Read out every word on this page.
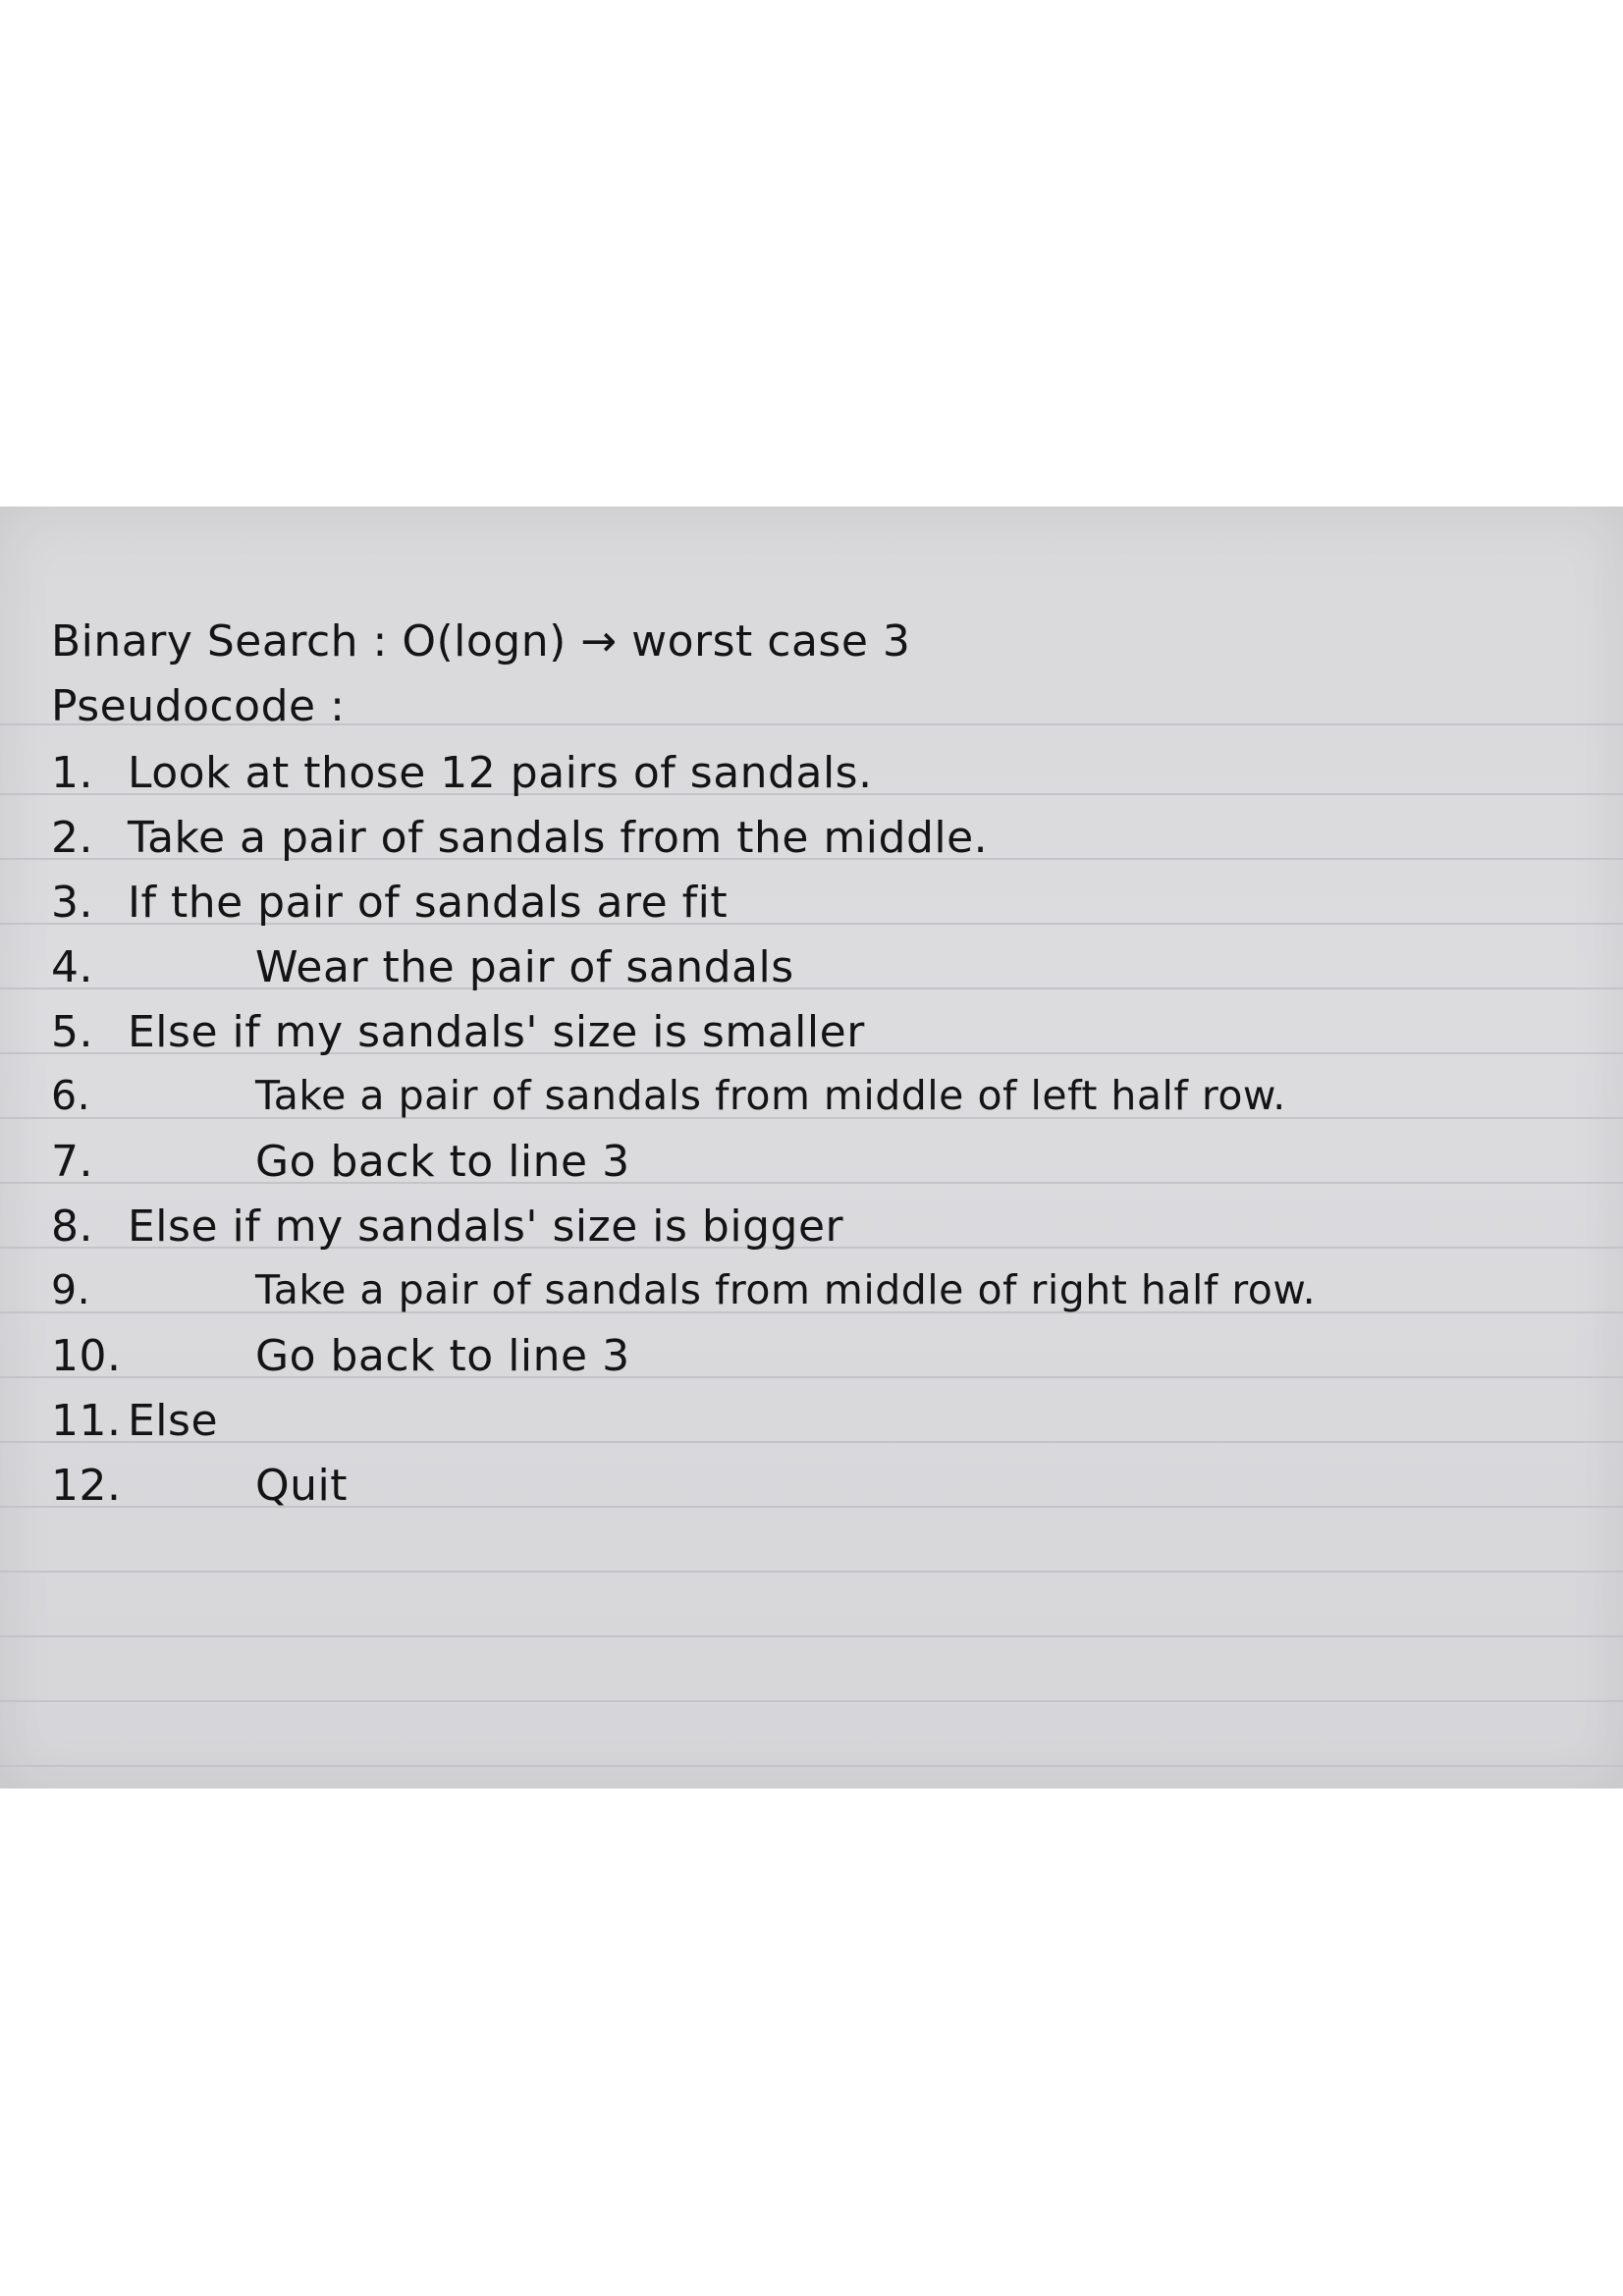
Binary Search : O(logn) → worst case 3
Pseudocode :
1. Look at those 12 pairs of sandals.
2. Take a pair of sandals from the middle.
3. If the pair of sandals are fit
4.	Wear the pair of sandals
5. Else if my sandals' size is smaller
6.	Take a pair of sandals from middle of left half row.
7.	Go back to line 3
8. Else if my sandals' size is bigger
9.	Take a pair of sandals from middle of right half row.
10.	Go back to line 3
11. Else
12.	Quit
